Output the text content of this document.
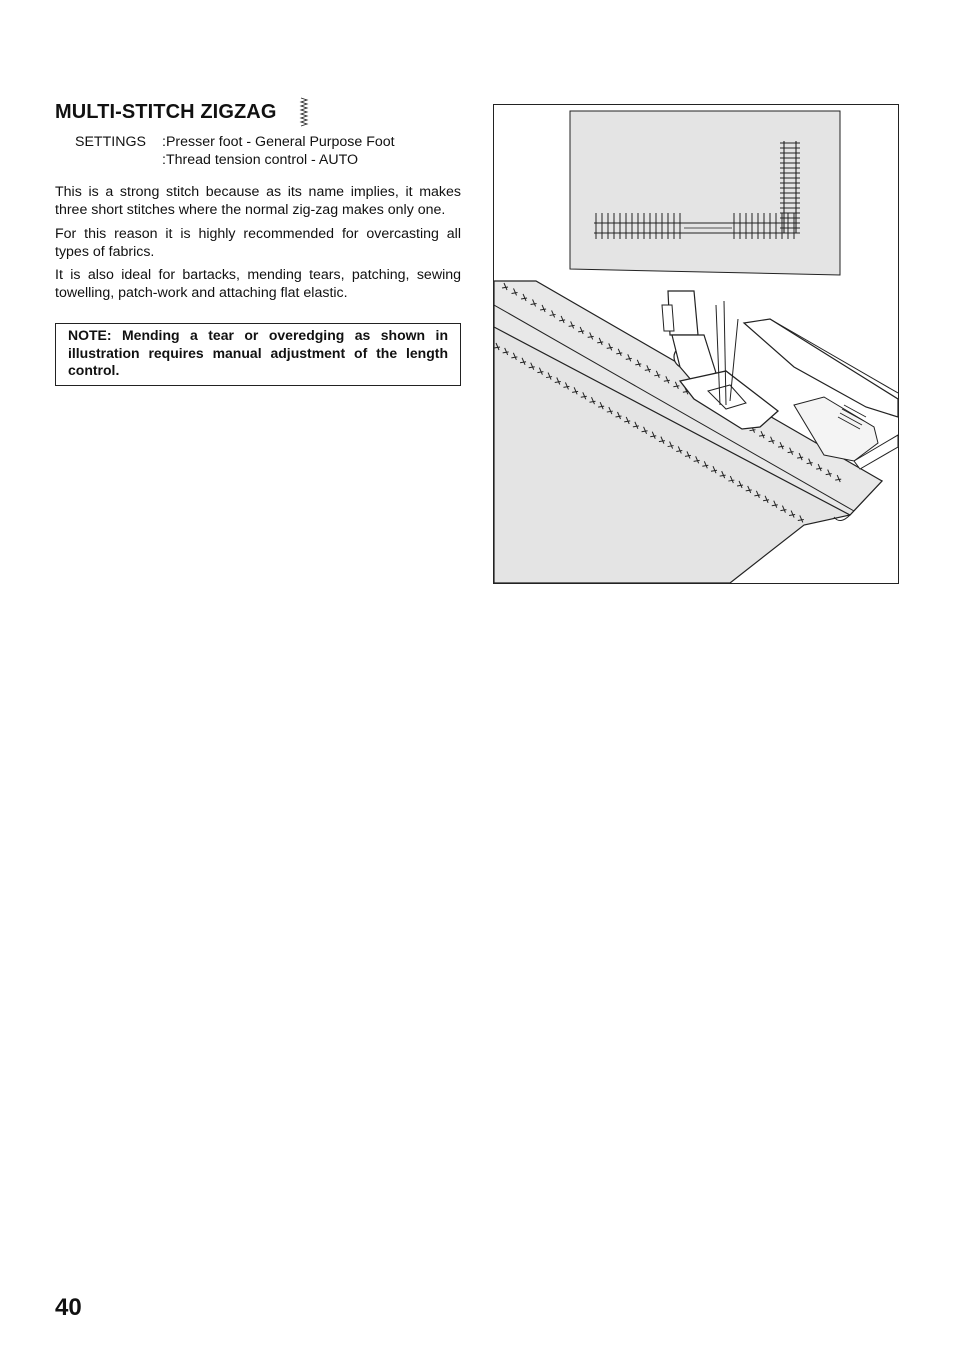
MULTI-STITCH ZIGZAG
SETTINGS	:Presser foot - General Purpose Foot
:Thread tension control - AUTO

This is a strong stitch because as its name implies, it makes three short stitches where the normal zig-zag makes only one.

For this reason it is highly recommended for overcasting all types of fabrics.

It is also ideal for bartacks, mending tears, patching, sewing towelling, patch-work and attaching flat elastic.

NOTE: Mending a tear or overedging as shown in illustration requires manual adjustment of the length control.
40
